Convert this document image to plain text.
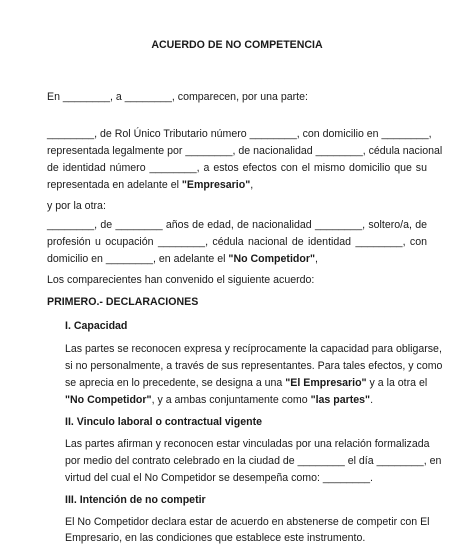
ACUERDO DE NO COMPETENCIA

En ________, a ________, comparecen, por una parte:

________, de Rol Único Tributario número ________, con domicilio en ________,

representada legalmente por ________, de nacionalidad ________, cédula nacional

de identidad número ________, a estos efectos con el mismo domicilio que su

representada en adelante el "Empresario",

y por la otra:

________, de ________ años de edad, de nacionalidad ________, soltero/a, de

profesión u ocupación ________, cédula nacional de identidad ________, con

domicilio en ________, en adelante el "No Competidor",

Los comparecientes han convenido el siguiente acuerdo:

PRIMERO.- DECLARACIONES

I. Capacidad

Las partes se reconocen expresa y recíprocamente la capacidad para obligarse,

si no personalmente, a través de sus representantes. Para tales efectos, y como

se aprecia en lo precedente, se designa a una "El Empresario" y a la otra el

"No Competidor", y a ambas conjuntamente como "las partes".

II. Vinculo laboral o contractual vigente

Las partes afirman y reconocen estar vinculadas por una relación formalizada

por medio del contrato celebrado en la ciudad de ________ el día ________, en

virtud del cual el No Competidor se desempeña como: ________.

III. Intención de no competir

El No Competidor declara estar de acuerdo en abstenerse de competir con El

Empresario, en las condiciones que establece este instrumento.
